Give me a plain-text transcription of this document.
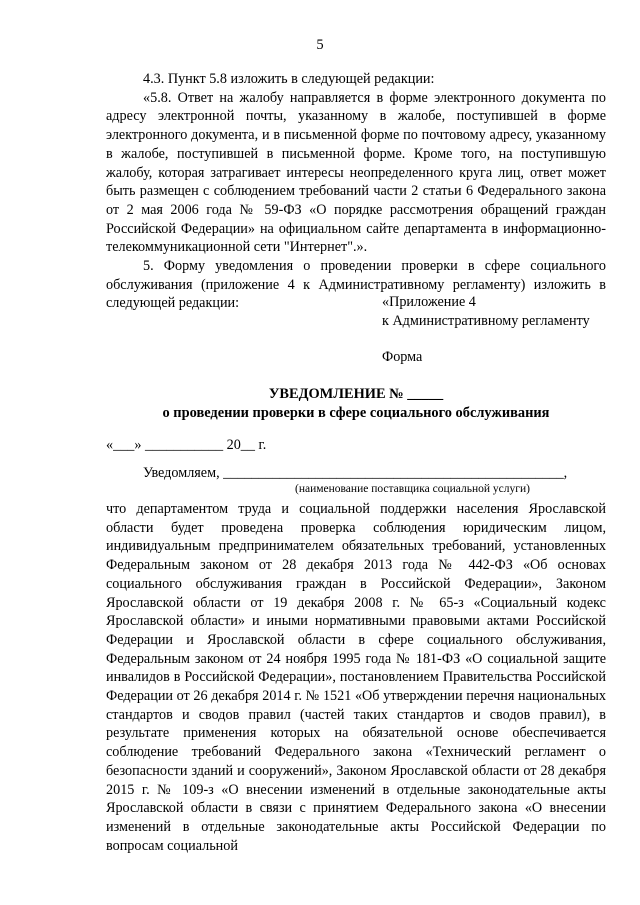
5

4.3. Пункт 5.8 изложить в следующей редакции:

«5.8. Ответ на жалобу направляется в форме электронного документа по адресу электронной почты, указанному в жалобе, поступившей в форме электронного документа, и в письменной форме по почтовому адресу, указанному в жалобе, поступившей в письменной форме. Кроме того, на поступившую жалобу, которая затрагивает интересы неопределенного круга лиц, ответ может быть размещен с соблюдением требований части 2 статьи 6 Федерального закона от 2 мая 2006 года № 59-ФЗ «О порядке рассмотрения обращений граждан Российской Федерации» на официальном сайте департамента в информационно-телекоммуникационной сети "Интернет".».

5. Форму уведомления о проведении проверки в сфере социального обслуживания (приложение 4 к Административному регламенту) изложить в следующей редакции:	«Приложение 4
к Административному регламенту
Форма
УВЕДОМЛЕНИЕ № _____
о проведении проверки в сфере социального обслуживания
«___» ___________ 20__ г.
Уведомляем, ________________________________________________,
(наименование поставщика социальной услуги)

что департаментом труда и социальной поддержки населения Ярославской области будет проведена проверка соблюдения юридическим лицом, индивидуальным предпринимателем обязательных требований, установленных Федеральным законом от 28 декабря 2013 года № 442-ФЗ «Об основах социального обслуживания граждан в Российской Федерации», Законом Ярославской области от 19 декабря 2008 г. № 65-з «Социальный кодекс Ярославской области» и иными нормативными правовыми актами Российской Федерации и Ярославской области в сфере социального обслуживания, Федеральным законом от 24 ноября 1995 года № 181-ФЗ «О социальной защите инвалидов в Российской Федерации», постановлением Правительства Российской Федерации от 26 декабря 2014 г. № 1521 «Об утверждении перечня национальных стандартов и сводов правил (частей таких стандартов и сводов правил), в результате применения которых на обязательной основе обеспечивается соблюдение требований Федерального закона «Технический регламент о безопасности зданий и сооружений», Законом Ярославской области от 28 декабря 2015 г. № 109-з «О внесении изменений в отдельные законодательные акты Ярославской области в связи с принятием Федерального закона «О внесении изменений в отдельные законодательные акты Российской Федерации по вопросам социальной
